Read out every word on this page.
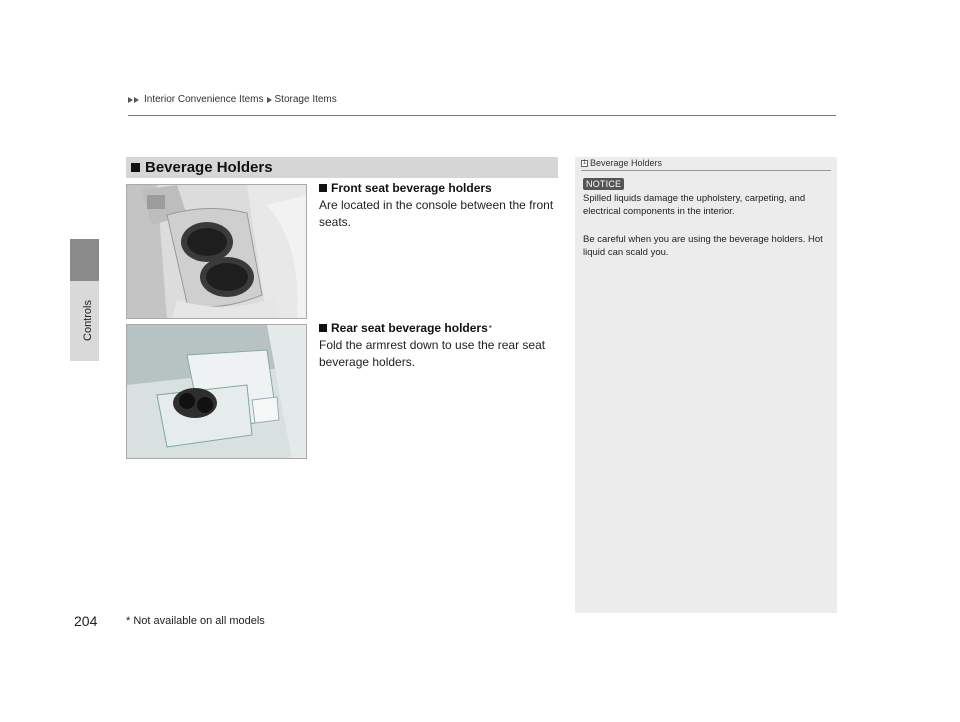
Interior Convenience Items Storage Items
Controls
Beverage Holders
Front seat beverage holders
Are located in the console between the front seats.
Rear seat beverage holders *
Fold the armrest down to use the rear seat beverage holders.
1 Beverage Holders
NOTICE
Spilled liquids damage the upholstery, carpeting, and electrical components in the interior.
Be careful when you are using the beverage holders. Hot liquid can scald you.
204	* Not available on all models
